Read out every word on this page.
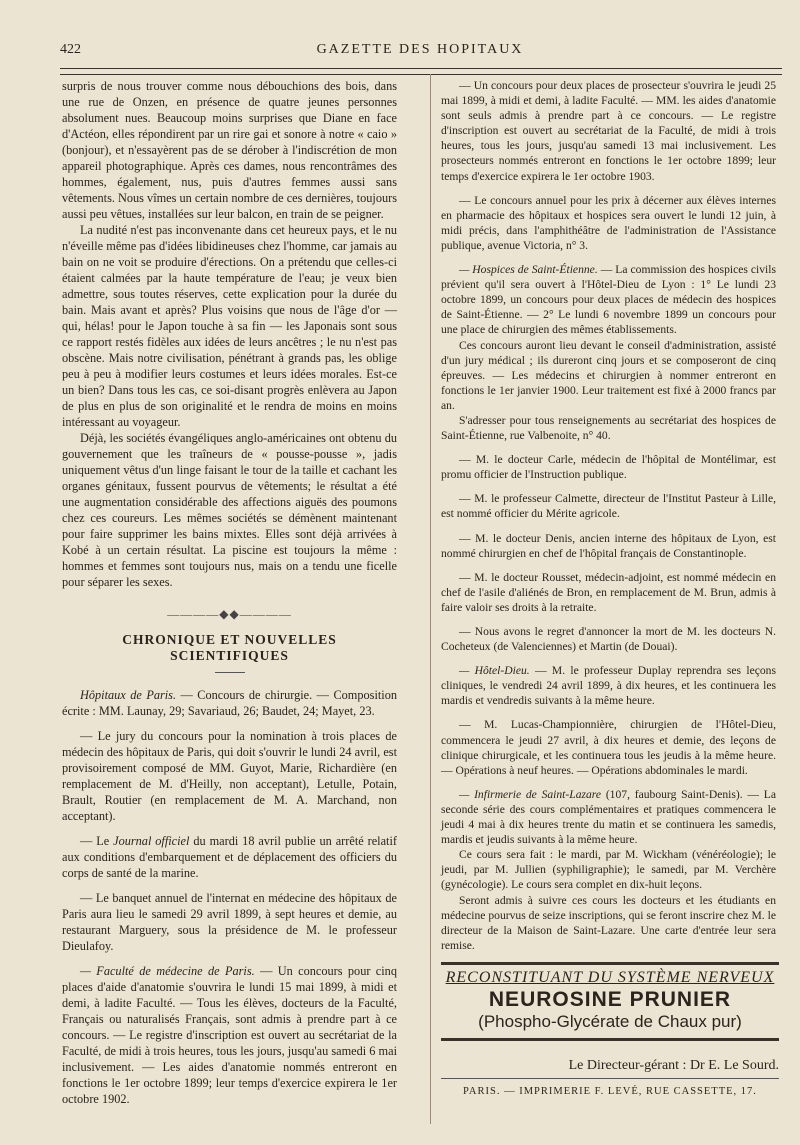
422	GAZETTE DES HOPITAUX

surpris de nous trouver comme nous débouchions des bois, dans une rue de Onzen, en présence de quatre jeunes personnes absolument nues. Beaucoup moins surprises que Diane en face d'Actéon, elles répondirent par un rire gai et sonore à notre « caio » (bonjour), et n'essayèrent pas de se dérober à l'indiscrétion de mon appareil photographique. Après ces dames, nous rencontrâmes des hommes, également, nus, puis d'autres femmes aussi sans vêtements. Nous vîmes un certain nombre de ces dernières, toujours aussi peu vêtues, installées sur leur balcon, en train de se peigner.

La nudité n'est pas inconvenante dans cet heureux pays, et le nu n'éveille même pas d'idées libidineuses chez l'homme, car jamais au bain on ne voit se produire d'érections. On a prétendu que celles-ci étaient calmées par la haute température de l'eau; je veux bien admettre, sous toutes réserves, cette explication pour la durée du bain. Mais avant et après? Plus voisins que nous de l'âge d'or — qui, hélas! pour le Japon touche à sa fin — les Japonais sont sous ce rapport restés fidèles aux idées de leurs ancêtres ; le nu n'est pas obscène. Mais notre civilisation, pénétrant à grands pas, les oblige peu à peu à modifier leurs costumes et leurs idées morales. Est-ce un bien? Dans tous les cas, ce soi-disant progrès enlèvera au Japon de plus en plus de son originalité et le rendra de moins en moins intéressant au voyageur.

Déjà, les sociétés évangéliques anglo-américaines ont obtenu du gouvernement que les traîneurs de « pousse-pousse », jadis uniquement vêtus d'un linge faisant le tour de la taille et cachant les organes génitaux, fussent pourvus de vêtements; le résultat a été une augmentation considérable des affections aiguës des poumons chez ces coureurs. Les mêmes sociétés se démènent maintenant pour faire supprimer les bains mixtes. Elles sont déjà arrivées à Kobé à un certain résultat. La piscine est toujours la même : hommes et femmes sont toujours nus, mais on a tendu une ficelle pour séparer les sexes.

————◆◆————
CHRONIQUE ET NOUVELLES SCIENTIFIQUES

Hôpitaux de Paris. — Concours de chirurgie. — Composition écrite : MM. Launay, 29; Savariaud, 26; Baudet, 24; Mayet, 23.

— Le jury du concours pour la nomination à trois places de médecin des hôpitaux de Paris, qui doit s'ouvrir le lundi 24 avril, est provisoirement composé de MM. Guyot, Marie, Richardière (en remplacement de M. d'Heilly, non acceptant), Letulle, Potain, Brault, Routier (en remplacement de M. A. Marchand, non acceptant).

— Le Journal officiel du mardi 18 avril publie un arrêté relatif aux conditions d'embarquement et de déplacement des officiers du corps de santé de la marine.

— Le banquet annuel de l'internat en médecine des hôpitaux de Paris aura lieu le samedi 29 avril 1899, à sept heures et demie, au restaurant Marguery, sous la présidence de M. le professeur Dieulafoy.

— Faculté de médecine de Paris. — Un concours pour cinq places d'aide d'anatomie s'ouvrira le lundi 15 mai 1899, à midi et demi, à ladite Faculté. — Tous les élèves, docteurs de la Faculté, Français ou naturalisés Français, sont admis à prendre part à ce concours. — Le registre d'inscription est ouvert au secrétariat de la Faculté, de midi à trois heures, tous les jours, jusqu'au samedi 6 mai inclusivement. — Les aides d'anatomie nommés entreront en fonctions le 1er octobre 1899; leur temps d'exercice expirera le 1er octobre 1902.

— Un concours pour deux places de prosecteur s'ouvrira le jeudi 25 mai 1899, à midi et demi, à ladite Faculté. — MM. les aides d'anatomie sont seuls admis à prendre part à ce concours. — Le registre d'inscription est ouvert au secrétariat de la Faculté, de midi à trois heures, tous les jours, jusqu'au samedi 13 mai inclusivement. Les prosecteurs nommés entreront en fonctions le 1er octobre 1899; leur temps d'exercice expirera le 1er octobre 1903.

— Le concours annuel pour les prix à décerner aux élèves internes en pharmacie des hôpitaux et hospices sera ouvert le lundi 12 juin, à midi précis, dans l'amphithéâtre de l'administration de l'Assistance publique, avenue Victoria, n° 3.

— Hospices de Saint-Étienne. — La commission des hospices civils prévient qu'il sera ouvert à l'Hôtel-Dieu de Lyon : 1° Le lundi 23 octobre 1899, un concours pour deux places de médecin des hospices de Saint-Étienne. — 2° Le lundi 6 novembre 1899 un concours pour une place de chirurgien des mêmes établissements.

Ces concours auront lieu devant le conseil d'administration, assisté d'un jury médical ; ils dureront cinq jours et se composeront de cinq épreuves. — Les médecins et chirurgien à nommer entreront en fonctions le 1er janvier 1900. Leur traitement est fixé à 2000 francs par an.

S'adresser pour tous renseignements au secrétariat des hospices de Saint-Étienne, rue Valbenoite, n° 40.

— M. le docteur Carle, médecin de l'hôpital de Montélimar, est promu officier de l'Instruction publique.

— M. le professeur Calmette, directeur de l'Institut Pasteur à Lille, est nommé officier du Mérite agricole.

— M. le docteur Denis, ancien interne des hôpitaux de Lyon, est nommé chirurgien en chef de l'hôpital français de Constantinople.

— M. le docteur Rousset, médecin-adjoint, est nommé médecin en chef de l'asile d'aliénés de Bron, en remplacement de M. Brun, admis à faire valoir ses droits à la retraite.

— Nous avons le regret d'annoncer la mort de M. les docteurs N. Cocheteux (de Valenciennes) et Martin (de Douai).

— Hôtel-Dieu. — M. le professeur Duplay reprendra ses leçons cliniques, le vendredi 24 avril 1899, à dix heures, et les continuera les mardis et vendredis suivants à la même heure.

— M. Lucas-Championnière, chirurgien de l'Hôtel-Dieu, commencera le jeudi 27 avril, à dix heures et demie, des leçons de clinique chirurgicale, et les continuera tous les jeudis à la même heure. — Opérations à neuf heures. — Opérations abdominales le mardi.

— Infirmerie de Saint-Lazare (107, faubourg Saint-Denis). — La seconde série des cours complémentaires et pratiques commencera le jeudi 4 mai à dix heures trente du matin et se continuera les samedis, mardis et jeudis suivants à la même heure.

Ce cours sera fait : le mardi, par M. Wickham (vénéréologie); le jeudi, par M. Jullien (syphiligraphie); le samedi, par M. Verchère (gynécologie). Le cours sera complet en dix-huit leçons.

Seront admis à suivre ces cours les docteurs et les étudiants en médecine pourvus de seize inscriptions, qui se feront inscrire chez M. le directeur de la Maison de Saint-Lazare. Une carte d'entrée leur sera remise.

RECONSTITUANT DU SYSTÈME NERVEUX
NEUROSINE PRUNIER
(Phospho-Glycérate de Chaux pur)
Le Directeur-gérant : Dr E. Le Sourd.
PARIS. — IMPRIMERIE F. LEVÉ, RUE CASSETTE, 17.
